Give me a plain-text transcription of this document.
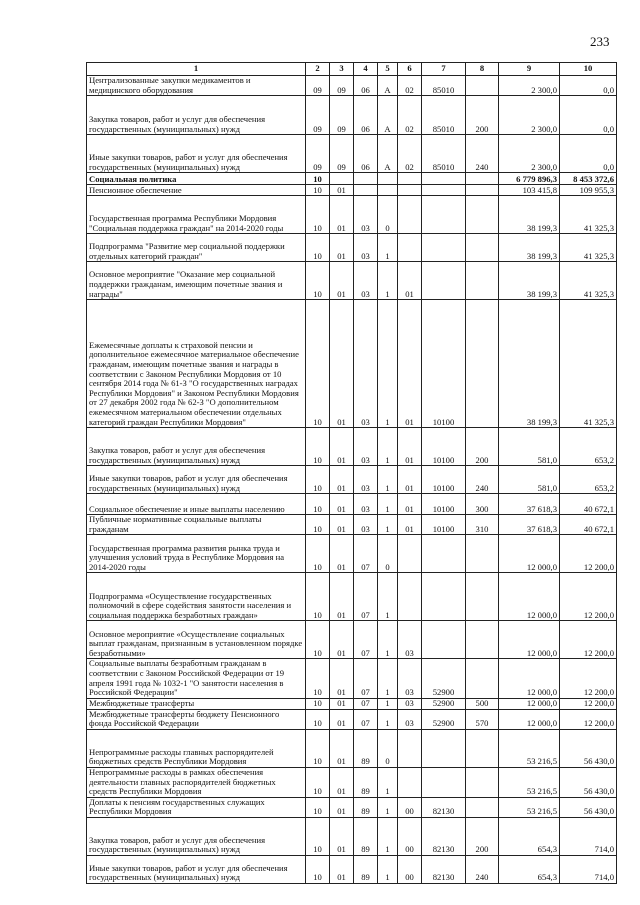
233
1	2	3	4	5	6	7	8	9	10
Централизованные закупки медикаментов и медицинского оборудования	09	09	06	А	02	85010		2 300,0	0,0
Закупка товаров, работ и услуг для обеспечения государственных (муниципальных) нужд	09	09	06	А	02	85010	200	2 300,0	0,0
Иные закупки товаров, работ и услуг для обеспечения государственных (муниципальных) нужд	09	09	06	А	02	85010	240	2 300,0	0,0
Социальная политика	10							6 779 896,3	8 453 372,6
Пенсионное обеспечение	10	01						103 415,8	109 955,3
Государственная программа Республики Мордовия "Социальная поддержка граждан" на 2014-2020 годы	10	01	03	0				38 199,3	41 325,3
Подпрограмма "Развитие мер социальной поддержки отдельных категорий граждан"	10	01	03	1				38 199,3	41 325,3
Основное мероприятие "Оказание мер социальной поддержки гражданам, имеющим почетные звания и награды"	10	01	03	1	01			38 199,3	41 325,3
Ежемесячные доплаты к страховой пенсии и дополнительное ежемесячное материальное обеспечение гражданам, имеющим почетные звания и награды в соответствии с Законом Республики Мордовия от 10 сентября 2014 года № 61-З "О государственных наградах Республики Мордовия" и Законом Республики Мордовия от 27 декабря 2002 года № 62-З "О дополнительном ежемесячном материальном обеспечении отдельных категорий граждан Республики Мордовия"	10	01	03	1	01	10100		38 199,3	41 325,3
Закупка товаров, работ и услуг для обеспечения государственных (муниципальных) нужд	10	01	03	1	01	10100	200	581,0	653,2
Иные закупки товаров, работ и услуг для обеспечения государственных (муниципальных) нужд	10	01	03	1	01	10100	240	581,0	653,2
Социальное обеспечение и иные выплаты населению	10	01	03	1	01	10100	300	37 618,3	40 672,1
Публичные нормативные социальные выплаты гражданам	10	01	03	1	01	10100	310	37 618,3	40 672,1
Государственная программа развития рынка труда и улучшения условий труда в Республике Мордовия на 2014-2020 годы	10	01	07	0				12 000,0	12 200,0
Подпрограмма «Осуществление государственных полномочий в сфере содействия занятости населения и социальная поддержка безработных граждан»	10	01	07	1				12 000,0	12 200,0
Основное мероприятие «Осуществление социальных выплат гражданам, признанным в установленном порядке безработными»	10	01	07	1	03			12 000,0	12 200,0
Социальные выплаты безработным гражданам в соответствии с Законом Российской Федерации от 19 апреля 1991 года № 1032-1 "О занятости населения в Российской Федерации"	10	01	07	1	03	52900		12 000,0	12 200,0
Межбюджетные трансферты	10	01	07	1	03	52900	500	12 000,0	12 200,0
Межбюджетные трансферты бюджету Пенсионного фонда Российской Федерации	10	01	07	1	03	52900	570	12 000,0	12 200,0
Непрограммные расходы главных распорядителей бюджетных средств Республики Мордовия	10	01	89	0				53 216,5	56 430,0
Непрограммные расходы в рамках обеспечения деятельности главных распорядителей бюджетных средств Республики Мордовия	10	01	89	1				53 216,5	56 430,0
Доплаты к пенсиям государственных служащих Республики Мордовия	10	01	89	1	00	82130		53 216,5	56 430,0
Закупка товаров, работ и услуг для обеспечения государственных (муниципальных) нужд	10	01	89	1	00	82130	200	654,3	714,0
Иные закупки товаров, работ и услуг для обеспечения государственных (муниципальных) нужд	10	01	89	1	00	82130	240	654,3	714,0
